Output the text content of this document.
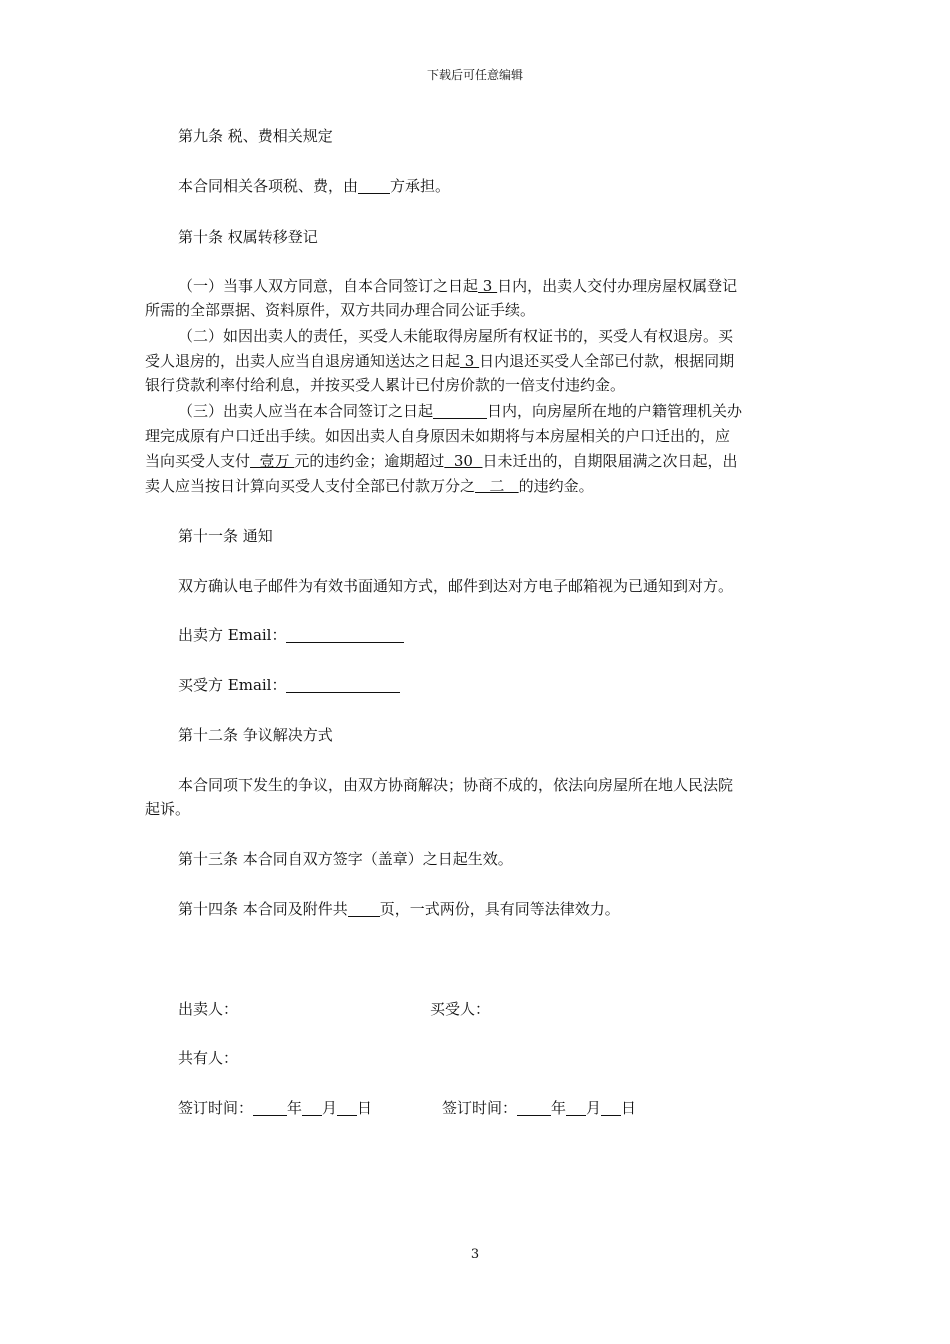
下载后可任意编辑
第九条 税、费相关规定
本合同相关各项税、费，由 方承担。
第十条 权属转移登记
（一）当事人双方同意，自本合同签订之日起 3 日内，出卖人交付办理房屋权属登记
所需的全部票据、资料原件，双方共同办理合同公证手续。
（二）如因出卖人的责任，买受人未能取得房屋所有权证书的，买受人有权退房。买
受人退房的，出卖人应当自退房通知送达之日起 3 日内退还买受人全部已付款，根据同期
银行贷款利率付给利息，并按买受人累计已付房价款的一倍支付违约金。
（三）出卖人应当在本合同签订之日起	日内，向房屋所在地的户籍管理机关办
理完成原有户口迁出手续。如因出卖人自身原因未如期将与本房屋相关的户口迁出的，应
当向买受人支付  壹万 元的违约金；逾期超过  30  日未迁出的，自期限届满之次日起，出
卖人应当按日计算向买受人支付全部已付款万分之   二   的违约金。
第十一条 通知
双方确认电子邮件为有效书面通知方式，邮件到达对方电子邮箱视为已通知到对方。
出卖方 Email：
买受方 Email：
第十二条 争议解决方式
本合同项下发生的争议，由双方协商解决；协商不成的，依法向房屋所在地人民法院
起诉。
第十三条 本合同自双方签字（盖章）之日起生效。
第十四条 本合同及附件共 页，一式两份，具有同等法律效力。
出卖人：	买受人：
共有人：
签订时间： 年 月 日	签订时间： 年 月 日
3
